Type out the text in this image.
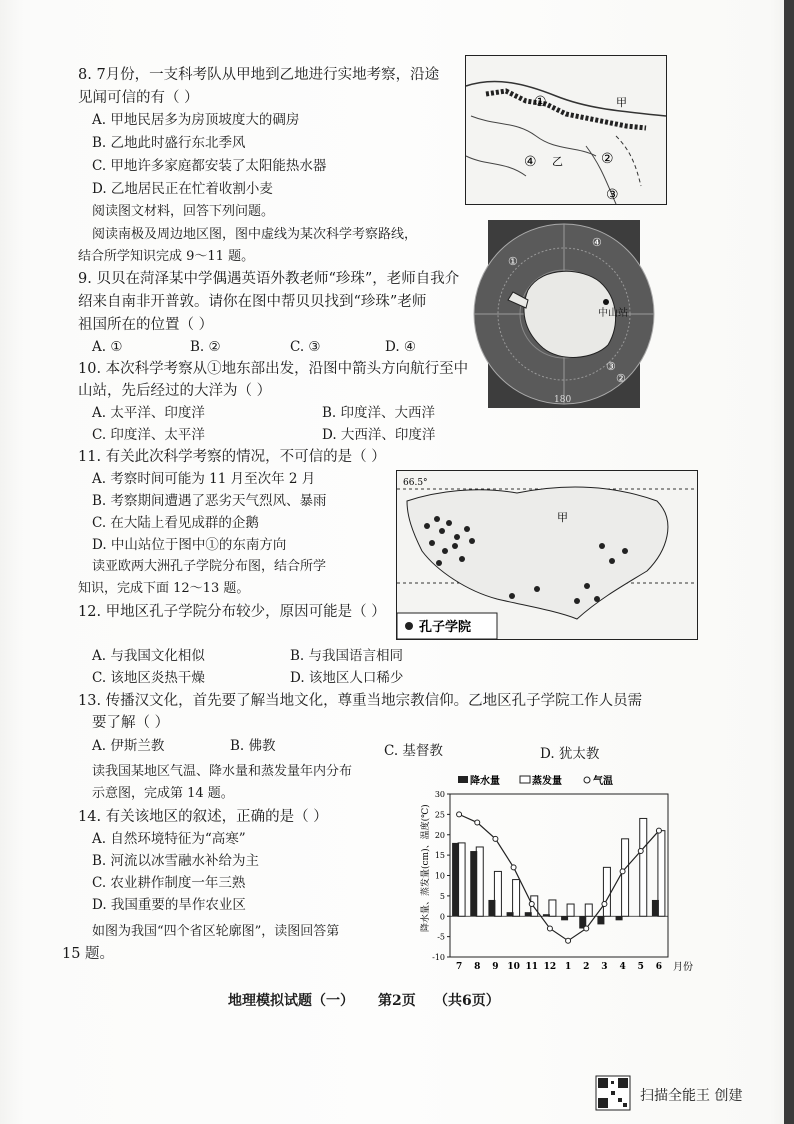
8. 7月份，一支科考队从甲地到乙地进行实地考察，沿途
见闻可信的有（ ）
A. 甲地民居多为房顶坡度大的碉房
B. 乙地此时盛行东北季风
C. 甲地许多家庭都安装了太阳能热水器
D. 乙地居民正在忙着收割小麦
阅读图文材料，回答下列问题。
阅读南极及周边地区图，图中虚线为某次科学考察路线，
结合所学知识完成 9～11 题。
9. 贝贝在菏泽某中学偶遇英语外教老师“珍珠”，老师自我介
绍来自南非开普敦。请你在图中帮贝贝找到“珍珠”老师
祖国所在的位置（ ）
A. ①	B. ②	C. ③	D. ④
10. 本次科学考察从①地东部出发，沿图中箭头方向航行至中
山站，先后经过的大洋为（ ）
A. 太平洋、印度洋	B. 印度洋、大西洋
C. 印度洋、太平洋	D. 大西洋、印度洋
11. 有关此次科学考察的情况，不可信的是（ ）
A. 考察时间可能为 11 月至次年 2 月
B. 考察期间遭遇了恶劣天气烈风、暴雨
C. 在大陆上看见成群的企鹅
D. 中山站位于图中①的东南方向
读亚欧两大洲孔子学院分布图，结合所学
知识，完成下面 12～13 题。
12. 甲地区孔子学院分布较少，原因可能是（ ）
A. 与我国文化相似	B. 与我国语言相同
C. 该地区炎热干燥	D. 该地区人口稀少
13. 传播汉文化，首先要了解当地文化，尊重当地宗教信仰。乙地区孔子学院工作人员需
要了解（ ）
A. 伊斯兰教	B. 佛教	C. 基督教	D. 犹太教
读我国某地区气温、降水量和蒸发量年内分布
示意图，完成第 14 题。
14. 有关该地区的叙述，正确的是（ ）
A. 自然环境特征为“高寒”
B. 河流以冰雪融水补给为主
C. 农业耕作制度一年三熟
D. 我国重要的旱作农业区
如图为我国“四个省区轮廓图”，读图回答第
15 题。
①	甲
②
③
④ 乙
④
中山站
①
②
③
180
66.5°
甲
孔子学院
降水量	蒸发量	气温
降水量、蒸发量(cm)、温度(℃)
月份
30
25
20
15
10
5
0
-5
-10
7 8 9 10 11 12 1 2 3 4 5 6
地理模拟试题（一） 第2页 （共6页）
扫描全能王 创建
